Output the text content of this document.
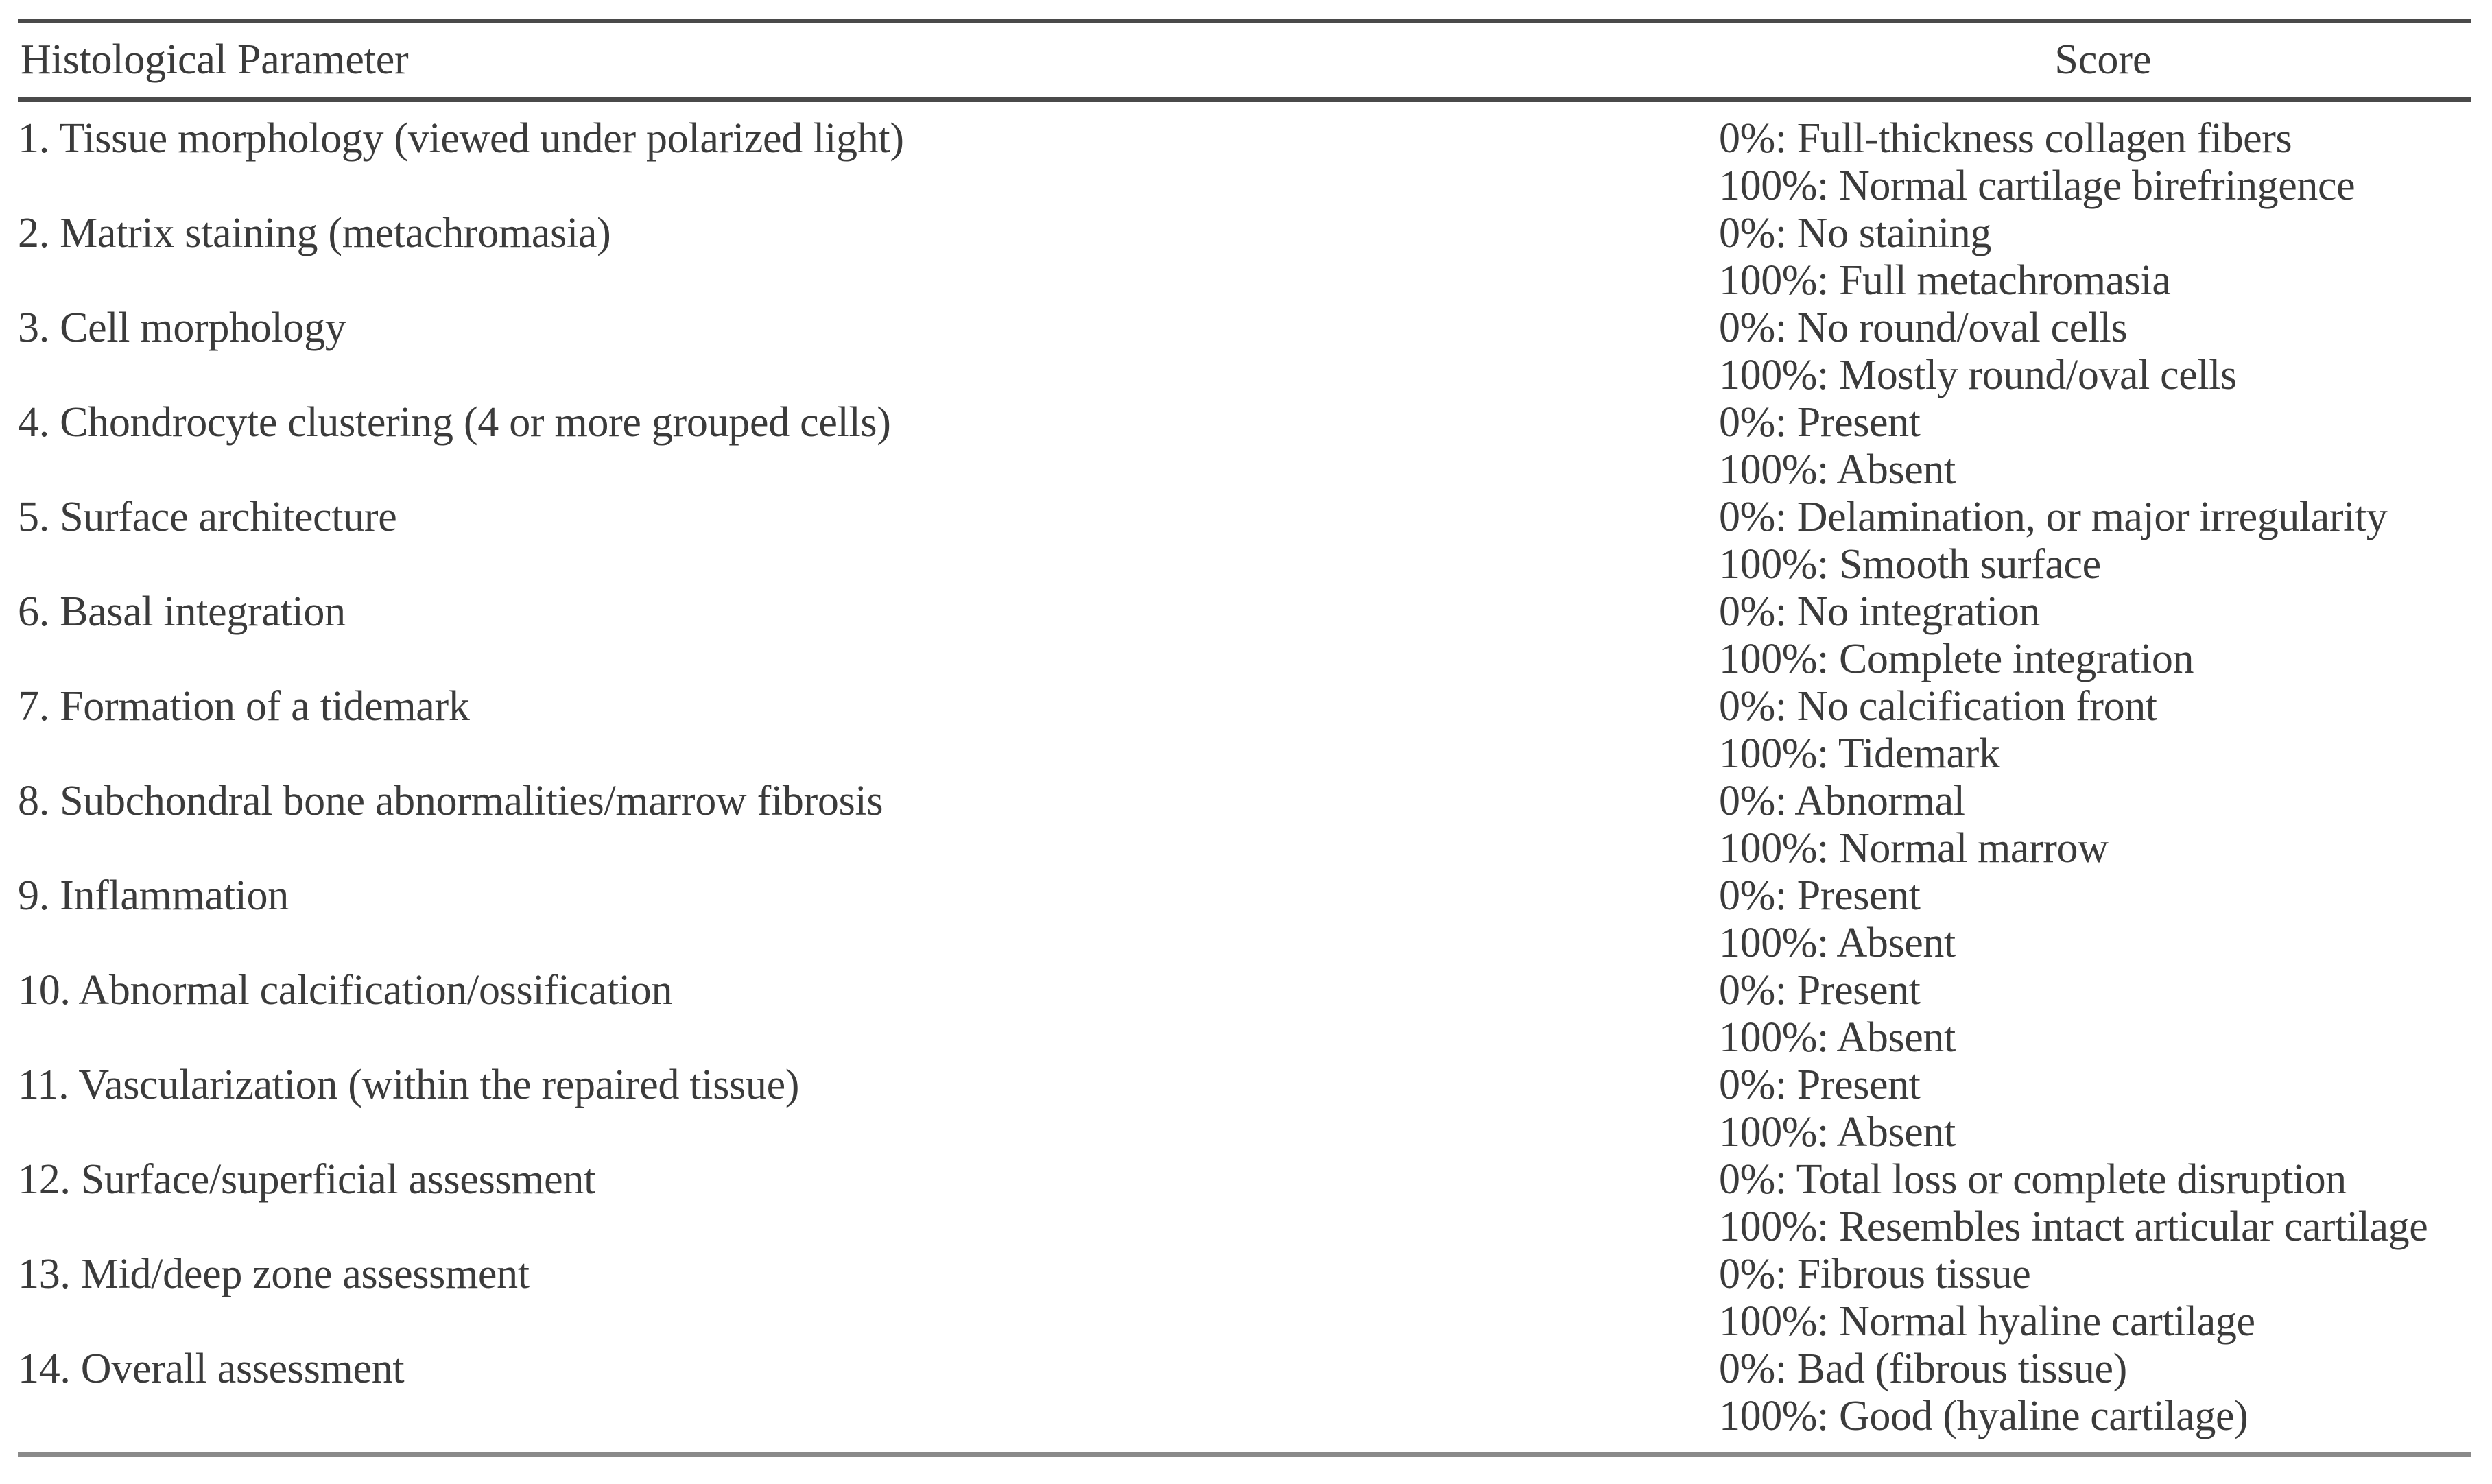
Histological Parameter	Score
1. Tissue morphology (viewed under polarized light)
2. Matrix staining (metachromasia)
3. Cell morphology
4. Chondrocyte clustering (4 or more grouped cells)
5. Surface architecture
6. Basal integration
7. Formation of a tidemark
8. Subchondral bone abnormalities/marrow fibrosis
9. Inflammation
10. Abnormal calcification/ossification
11. Vascularization (within the repaired tissue)
12. Surface/superficial assessment
13. Mid/deep zone assessment
14. Overall assessment
0%: Full-thickness collagen fibers
100%: Normal cartilage birefringence
0%: No staining
100%: Full metachromasia
0%: No round/oval cells
100%: Mostly round/oval cells
0%: Present
100%: Absent
0%: Delamination, or major irregularity
100%: Smooth surface
0%: No integration
100%: Complete integration
0%: No calcification front
100%: Tidemark
0%: Abnormal
100%: Normal marrow
0%: Present
100%: Absent
0%: Present
100%: Absent
0%: Present
100%: Absent
0%: Total loss or complete disruption
100%: Resembles intact articular cartilage
0%: Fibrous tissue
100%: Normal hyaline cartilage
0%: Bad (fibrous tissue)
100%: Good (hyaline cartilage)
